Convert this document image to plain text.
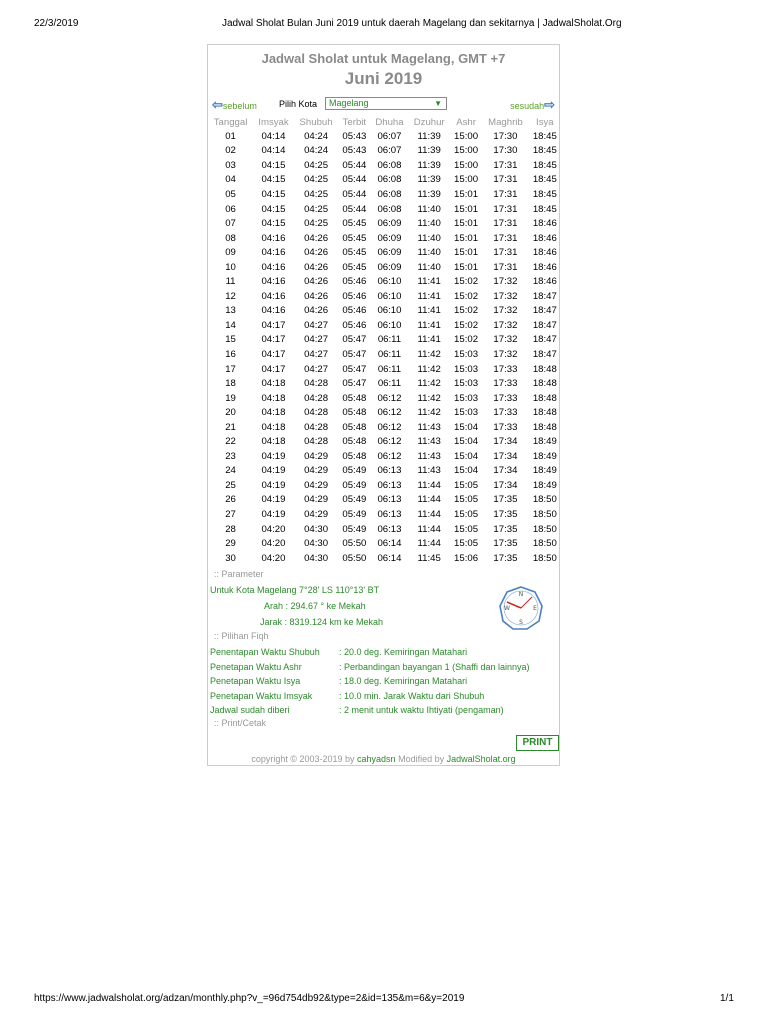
22/3/2019	Jadwal Sholat Bulan Juni 2019 untuk daerah Magelang dan sekitarnya | JadwalSholat.Org
Jadwal Sholat untuk Magelang, GMT +7
Juni 2019
⇦sebelum Pilih Kota	Magelang	▼	sesudah⇨
Tanggal	Imsyak	Shubuh	Terbit	Dhuha	Dzuhur	Ashr	Maghrib	Isya
01	04:14	04:24	05:43	06:07	11:39	15:00	17:30	18:45
02	04:14	04:24	05:43	06:07	11:39	15:00	17:30	18:45
03	04:15	04:25	05:44	06:08	11:39	15:00	17:31	18:45
04	04:15	04:25	05:44	06:08	11:39	15:00	17:31	18:45
05	04:15	04:25	05:44	06:08	11:39	15:01	17:31	18:45
06	04:15	04:25	05:44	06:08	11:40	15:01	17:31	18:45
07	04:15	04:25	05:45	06:09	11:40	15:01	17:31	18:46
08	04:16	04:26	05:45	06:09	11:40	15:01	17:31	18:46
09	04:16	04:26	05:45	06:09	11:40	15:01	17:31	18:46
10	04:16	04:26	05:45	06:09	11:40	15:01	17:31	18:46
11	04:16	04:26	05:46	06:10	11:41	15:02	17:32	18:46
12	04:16	04:26	05:46	06:10	11:41	15:02	17:32	18:47
13	04:16	04:26	05:46	06:10	11:41	15:02	17:32	18:47
14	04:17	04:27	05:46	06:10	11:41	15:02	17:32	18:47
15	04:17	04:27	05:47	06:11	11:41	15:02	17:32	18:47
16	04:17	04:27	05:47	06:11	11:42	15:03	17:32	18:47
17	04:17	04:27	05:47	06:11	11:42	15:03	17:33	18:48
18	04:18	04:28	05:47	06:11	11:42	15:03	17:33	18:48
19	04:18	04:28	05:48	06:12	11:42	15:03	17:33	18:48
20	04:18	04:28	05:48	06:12	11:42	15:03	17:33	18:48
21	04:18	04:28	05:48	06:12	11:43	15:04	17:33	18:48
22	04:18	04:28	05:48	06:12	11:43	15:04	17:34	18:49
23	04:19	04:29	05:48	06:12	11:43	15:04	17:34	18:49
24	04:19	04:29	05:49	06:13	11:43	15:04	17:34	18:49
25	04:19	04:29	05:49	06:13	11:44	15:05	17:34	18:49
26	04:19	04:29	05:49	06:13	11:44	15:05	17:35	18:50
27	04:19	04:29	05:49	06:13	11:44	15:05	17:35	18:50
28	04:20	04:30	05:49	06:13	11:44	15:05	17:35	18:50
29	04:20	04:30	05:50	06:14	11:44	15:05	17:35	18:50
30	04:20	04:30	05:50	06:14	11:45	15:06	17:35	18:50
:: Parameter
Untuk Kota Magelang 7°28' LS 110°13' BT
Arah : 294.67 ° ke Mekah
Jarak : 8319.124 km ke Mekah
N
E
S
W
:: Pilihan Fiqh
Penentapan Waktu Shubuh : 20.0 deg. Kemiringan Matahari
Penetapan Waktu Ashr	: Perbandingan bayangan 1 (Shaffi dan lainnya)
Penetapan Waktu Isya	: 18.0 deg. Kemiringan Matahari
Penetapan Waktu Imsyak	: 10.0 min. Jarak Waktu dari Shubuh
Jadwal sudah diberi	: 2 menit untuk waktu Ihtiyati (pengaman)
:: Print/Cetak
PRINT
copyright © 2003-2019 by cahyadsn Modified by JadwalSholat.org
https://www.jadwalsholat.org/adzan/monthly.php?v_=96d754db92&type=2&id=135&m=6&y=2019	1/1
